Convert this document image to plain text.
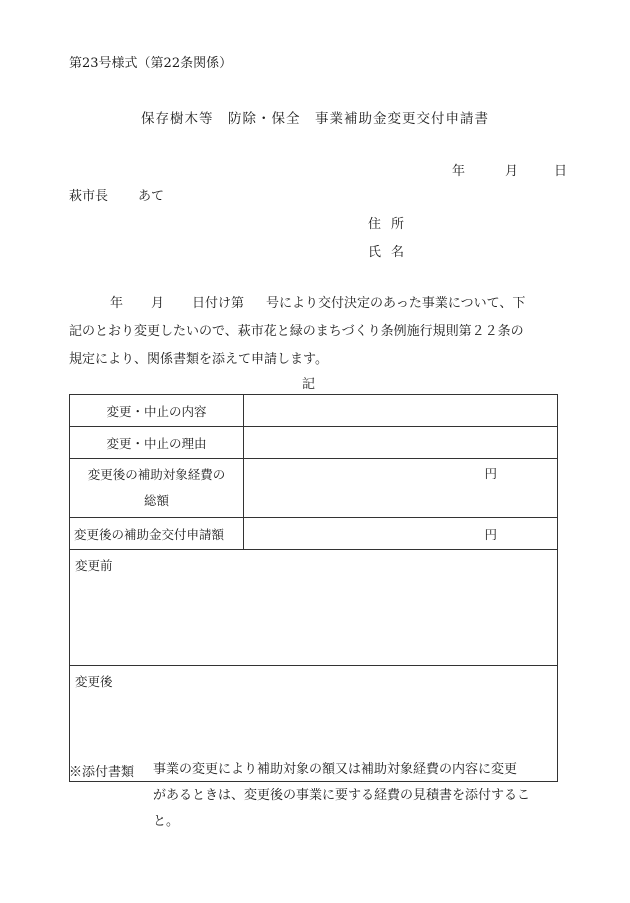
第23号様式（第22条関係）
保存樹木等　防除・保全　事業補助金変更交付申請書
年	月	日
萩市長 あて
住所
氏名

年 月 日付け第 号により交付決定のあった事業について、下

記のとおり変更したいので、萩市花と緑のまちづくり条例施行規則第２２条の

規定により、関係書類を添えて申請します。

記
変更・中止の内容	
変更・中止の理由	

変更後の補助対象経費の
総額	円
変更後の補助金交付申請額	円
変更前	
変更後	
※添付書類	事業の変更により補助対象の額又は補助対象経費の内容に変更
があるときは、変更後の事業に要する経費の見積書を添付するこ
と。
